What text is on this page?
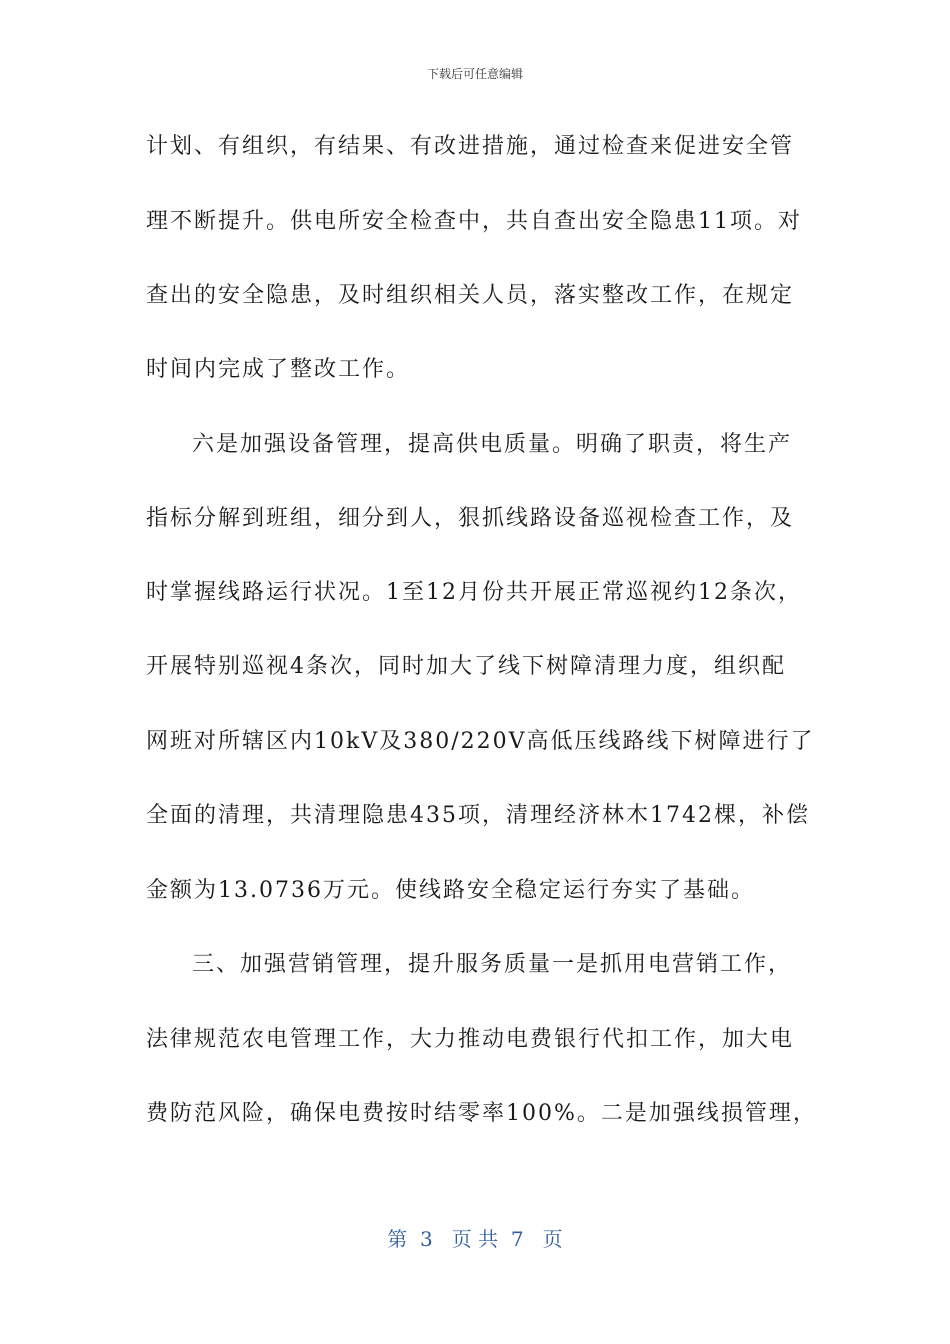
下载后可任意编辑
计划、有组织，有结果、有改进措施，通过检查来促进安全管
理不断提升。供电所安全检查中，共自查出安全隐患11项。对
查出的安全隐患，及时组织相关人员，落实整改工作，在规定
时间内完成了整改工作。
六是加强设备管理，提高供电质量。明确了职责，将生产
指标分解到班组，细分到人，狠抓线路设备巡视检查工作，及
时掌握线路运行状况。1至12月份共开展正常巡视约12条次，
开展特别巡视4条次，同时加大了线下树障清理力度，组织配
网班对所辖区内10kV及380/220V高低压线路线下树障进行了
全面的清理，共清理隐患435项，清理经济林木1742棵，补偿
金额为13.0736万元。使线路安全稳定运行夯实了基础。
三、加强营销管理，提升服务质量一是抓用电营销工作，
法律规范农电管理工作，大力推动电费银行代扣工作，加大电
费防范风险，确保电费按时结零率100%。二是加强线损管理，
第  3   页 共  7   页
